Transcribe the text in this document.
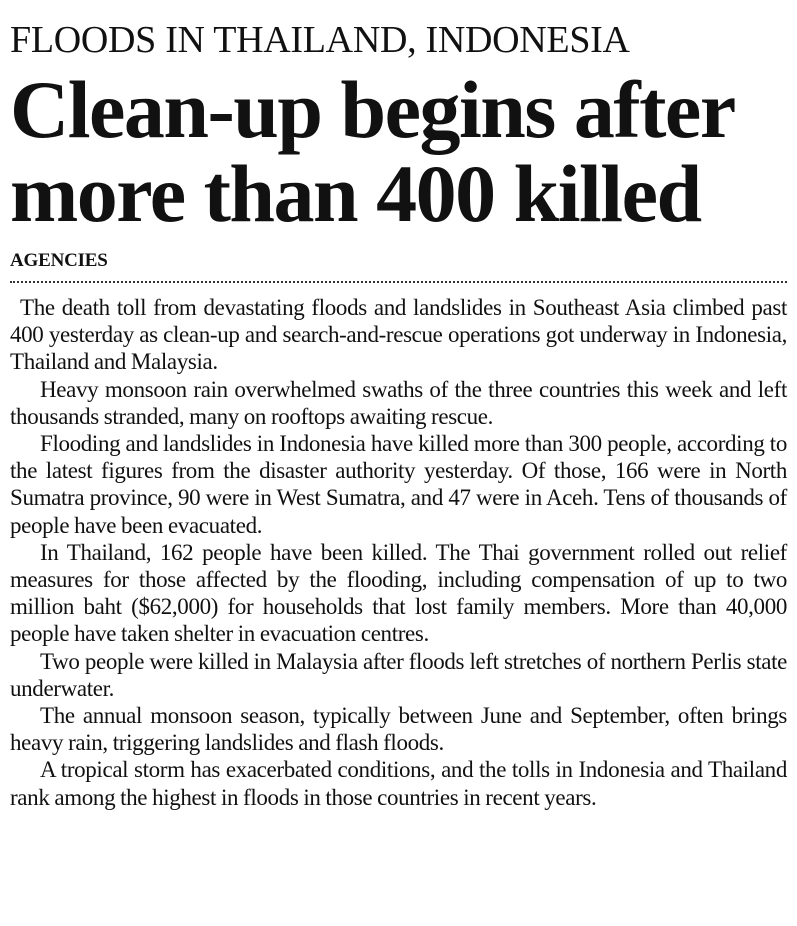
FLOODS IN THAILAND, INDONESIA
Clean-up begins after
more than 400 killed
AGENCIES

The death toll from devastating floods and landslides in Southeast Asia climbed past 400 yesterday as clean-up and search-and-rescue operations got underway in Indonesia, Thailand and Malaysia.

Heavy monsoon rain overwhelmed swaths of the three countries this week and left thousands stranded, many on rooftops awaiting rescue.

Flooding and landslides in Indonesia have killed more than 300 people, according to the latest figures from the disaster authority yesterday. Of those, 166 were in North Sumatra province, 90 were in West Sumatra, and 47 were in Aceh. Tens of thousands of people have been evacuated.

In Thailand, 162 people have been killed. The Thai government rolled out relief measures for those affected by the flooding, including compensation of up to two million baht ($62,000) for households that lost family members. More than 40,000 people have taken shelter in evacuation centres.

Two people were killed in Malaysia after floods left stretches of northern Perlis state underwater.

The annual monsoon season, typically between June and September, often brings heavy rain, triggering landslides and flash floods.

A tropical storm has exacerbated conditions, and the tolls in Indonesia and Thailand rank among the highest in floods in those countries in recent years.
